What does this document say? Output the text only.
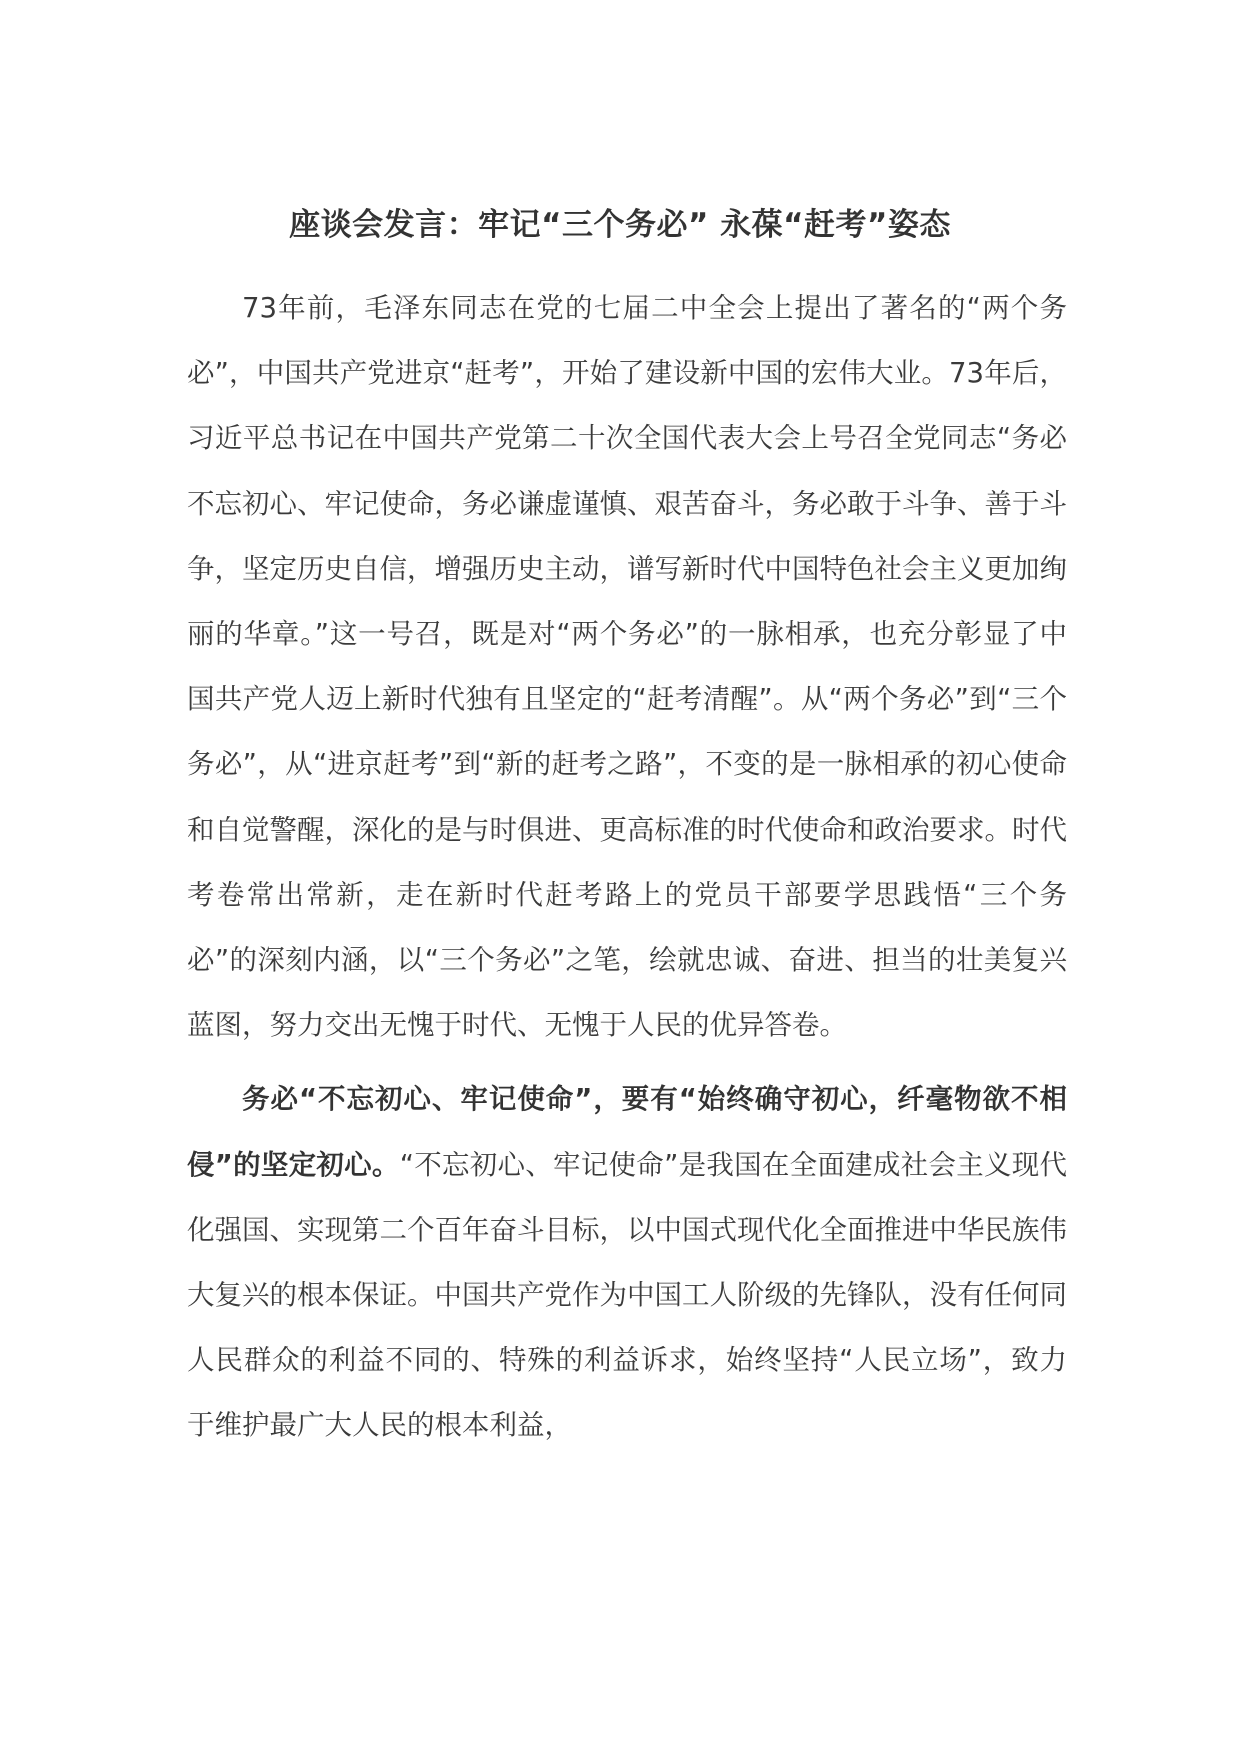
座谈会发言：牢记“三个务必” 永葆“赶考”姿态

73年前，毛泽东同志在党的七届二中全会上提出了著名的“两个务必”，中国共产党进京“赶考”，开始了建设新中国的宏伟大业。73年后，习近平总书记在中国共产党第二十次全国代表大会上号召全党同志“务必不忘初心、牢记使命，务必谦虚谨慎、艰苦奋斗，务必敢于斗争、善于斗争，坚定历史自信，增强历史主动，谱写新时代中国特色社会主义更加绚丽的华章。”这一号召，既是对“两个务必”的一脉相承，也充分彰显了中国共产党人迈上新时代独有且坚定的“赶考清醒”。从“两个务必”到“三个务必”，从“进京赶考”到“新的赶考之路”，不变的是一脉相承的初心使命和自觉警醒，深化的是与时俱进、更高标准的时代使命和政治要求。时代考卷常出常新，走在新时代赶考路上的党员干部要学思践悟“三个务必”的深刻内涵，以“三个务必”之笔，绘就忠诚、奋进、担当的壮美复兴蓝图，努力交出无愧于时代、无愧于人民的优异答卷。

务必“不忘初心、牢记使命”，要有“始终确守初心，纤毫物欲不相侵”的坚定初心。“不忘初心、牢记使命”是我国在全面建成社会主义现代化强国、实现第二个百年奋斗目标，以中国式现代化全面推进中华民族伟大复兴的根本保证。中国共产党作为中国工人阶级的先锋队，没有任何同人民群众的利益不同的、特殊的利益诉求，始终坚持“人民立场”，致力于维护最广大人民的根本利益，
